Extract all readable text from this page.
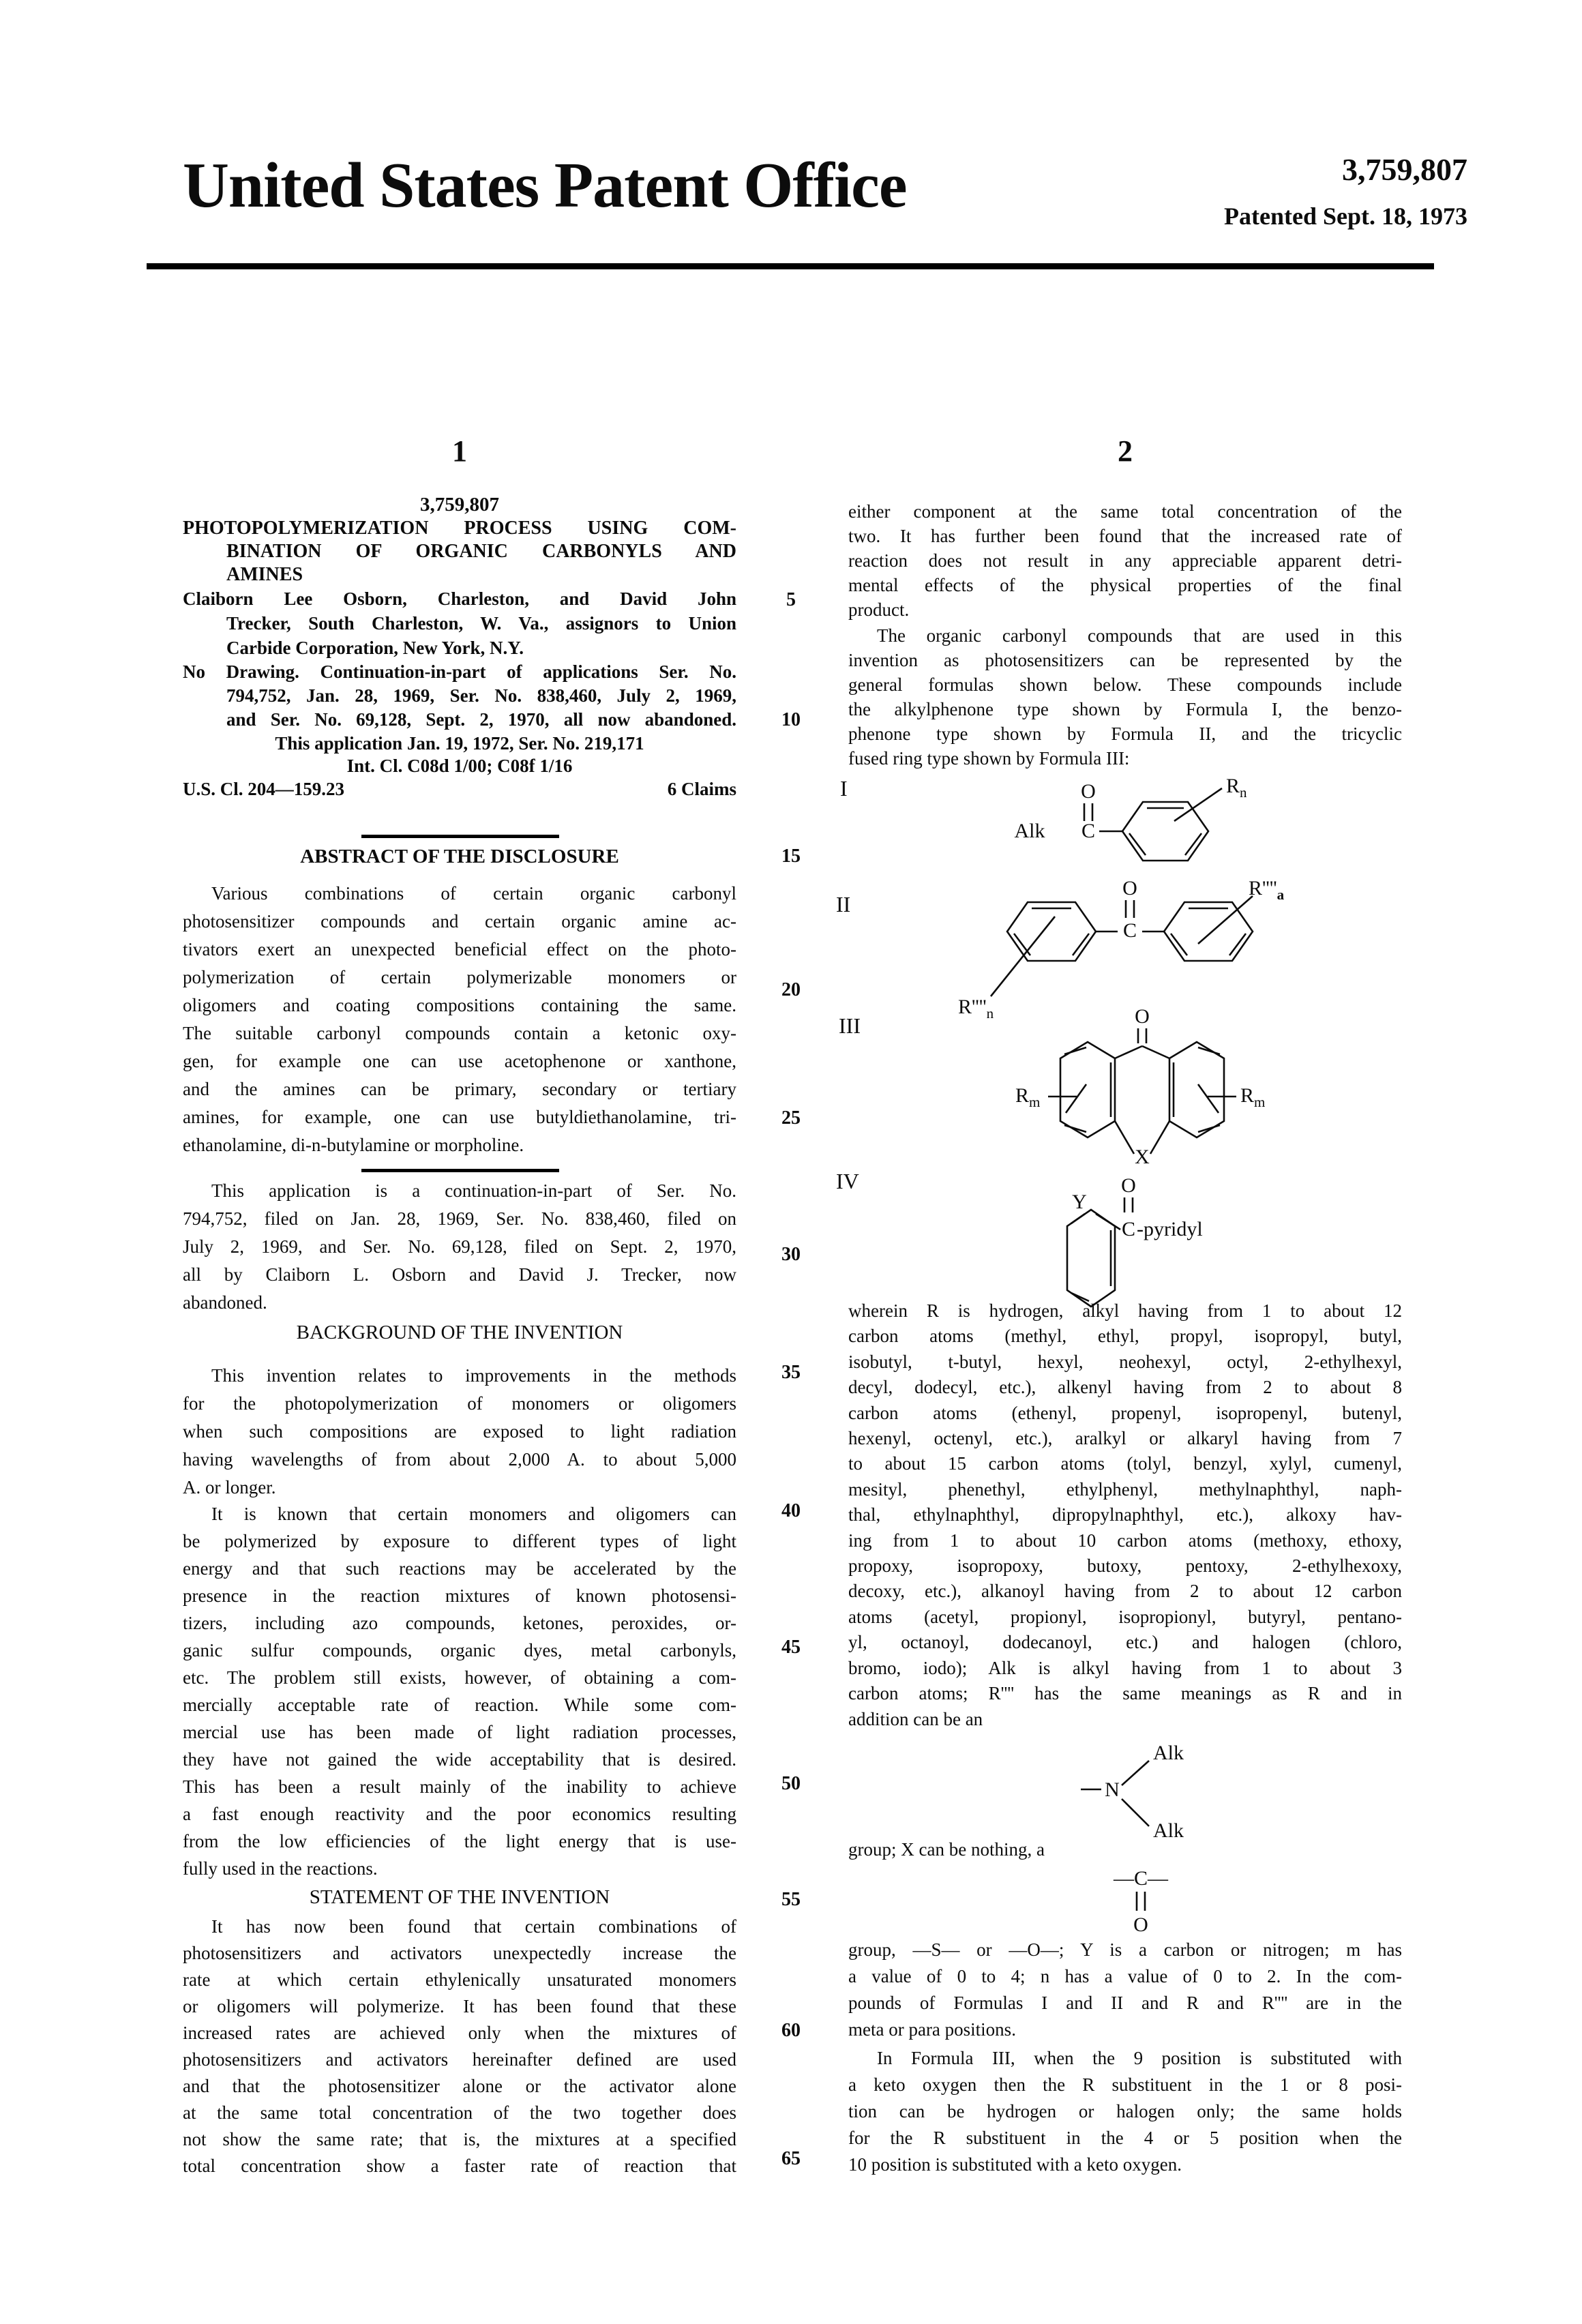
United States Patent Office	3,759,807
Patented Sept. 18, 1973
5
10
15
20
25
30
35
40
45
50
55
60
65
1
3,759,807
PHOTOPOLYMERIZATION PROCESS USING COM-
BINATION OF ORGANIC CARBONYLS AND
AMINES
Claiborn Lee Osborn, Charleston, and David John
Trecker, South Charleston, W. Va., assignors to Union
Carbide Corporation, New York, N.Y.
No Drawing. Continuation-in-part of applications Ser. No.
794,752, Jan. 28, 1969, Ser. No. 838,460, July 2, 1969,
and Ser. No. 69,128, Sept. 2, 1970, all now abandoned.
This application Jan. 19, 1972, Ser. No. 219,171
Int. Cl. C08d 1/00; C08f 1/16
U.S. Cl. 204—159.23	6 Claims
ABSTRACT OF THE DISCLOSURE
Various combinations of certain organic carbonyl
photosensitizer compounds and certain organic amine ac-
tivators exert an unexpected beneficial effect on the photo-
polymerization of certain polymerizable monomers or
oligomers and coating compositions containing the same.
The suitable carbonyl compounds contain a ketonic oxy-
gen, for example one can use acetophenone or xanthone,
and the amines can be primary, secondary or tertiary
amines, for example, one can use butyldiethanolamine, tri-
ethanolamine, di-n-butylamine or morpholine.
This application is a continuation-in-part of Ser. No.
794,752, filed on Jan. 28, 1969, Ser. No. 838,460, filed on
July 2, 1969, and Ser. No. 69,128, filed on Sept. 2, 1970,
all by Claiborn L. Osborn and David J. Trecker, now
abandoned.
BACKGROUND OF THE INVENTION
This invention relates to improvements in the methods
for the photopolymerization of monomers or oligomers
when such compositions are exposed to light radiation
having wavelengths of from about 2,000 A. to about 5,000
A. or longer.
It is known that certain monomers and oligomers can
be polymerized by exposure to different types of light
energy and that such reactions may be accelerated by the
presence in the reaction mixtures of known photosensi-
tizers, including azo compounds, ketones, peroxides, or-
ganic sulfur compounds, organic dyes, metal carbonyls,
etc. The problem still exists, however, of obtaining a com-
mercially acceptable rate of reaction. While some com-
mercial use has been made of light radiation processes,
they have not gained the wide acceptability that is desired.
This has been a result mainly of the inability to achieve
a fast enough reactivity and the poor economics resulting
from the low efficiencies of the light energy that is use-
fully used in the reactions.
STATEMENT OF THE INVENTION
It has now been found that certain combinations of
photosensitizers and activators unexpectedly increase the
rate at which certain ethylenically unsaturated monomers
or oligomers will polymerize. It has been found that these
increased rates are achieved only when the mixtures of
photosensitizers and activators hereinafter defined are used
and that the photosensitizer alone or the activator alone
at the same total concentration of the two together does
not show the same rate; that is, the mixtures at a specified
total concentration show a faster rate of reaction that
2
either component at the same total concentration of the
two. It has further been found that the increased rate of
reaction does not result in any appreciable apparent detri-
mental effects of the physical properties of the final
product.
The organic carbonyl compounds that are used in this
invention as photosensitizers can be represented by the
general formulas shown below. These compounds include
the alkylphenone type shown by Formula I, the benzo-
phenone type shown by Formula II, and the tricyclic
fused ring type shown by Formula III:
I
II
III
IV
Alk C
O	$R_n$
O
C
$R''''_n$
$R''''_a$
O
$R_m$	$R_m$
X
O
C -pyridyl
Y
wherein R is hydrogen, alkyl having from 1 to about 12
carbon atoms (methyl, ethyl, propyl, isopropyl, butyl,
isobutyl, t-butyl, hexyl, neohexyl, octyl, 2-ethylhexyl,
decyl, dodecyl, etc.), alkenyl having from 2 to about 8
carbon atoms (ethenyl, propenyl, isopropenyl, butenyl,
hexenyl, octenyl, etc.), aralkyl or alkaryl having from 7
to about 15 carbon atoms (tolyl, benzyl, xylyl, cumenyl,
mesityl, phenethyl, ethylphenyl, methylnaphthyl, naph-
thal, ethylnaphthyl, dipropylnaphthyl, etc.), alkoxy hav-
ing from 1 to about 10 carbon atoms (methoxy, ethoxy,
propoxy, isopropoxy, butoxy, pentoxy, 2-ethylhexoxy,
decoxy, etc.), alkanoyl having from 2 to about 12 carbon
atoms (acetyl, propionyl, isopropionyl, butyryl, pentano-
yl, octanoyl, dodecanoyl, etc.) and halogen (chloro,
bromo, iodo); Alk is alkyl having from 1 to about 3
carbon atoms; R'''' has the same meanings as R and in
addition can be an
N
Alk
Alk
group; X can be nothing, a
—C—
O
group, —S— or —O—; Y is a carbon or nitrogen; m has
a value of 0 to 4; n has a value of 0 to 2. In the com-
pounds of Formulas I and II and R and R'''' are in the
meta or para positions.
In Formula III, when the 9 position is substituted with
a keto oxygen then the R substituent in the 1 or 8 posi-
tion can be hydrogen or halogen only; the same holds
for the R substituent in the 4 or 5 position when the
10 position is substituted with a keto oxygen.
